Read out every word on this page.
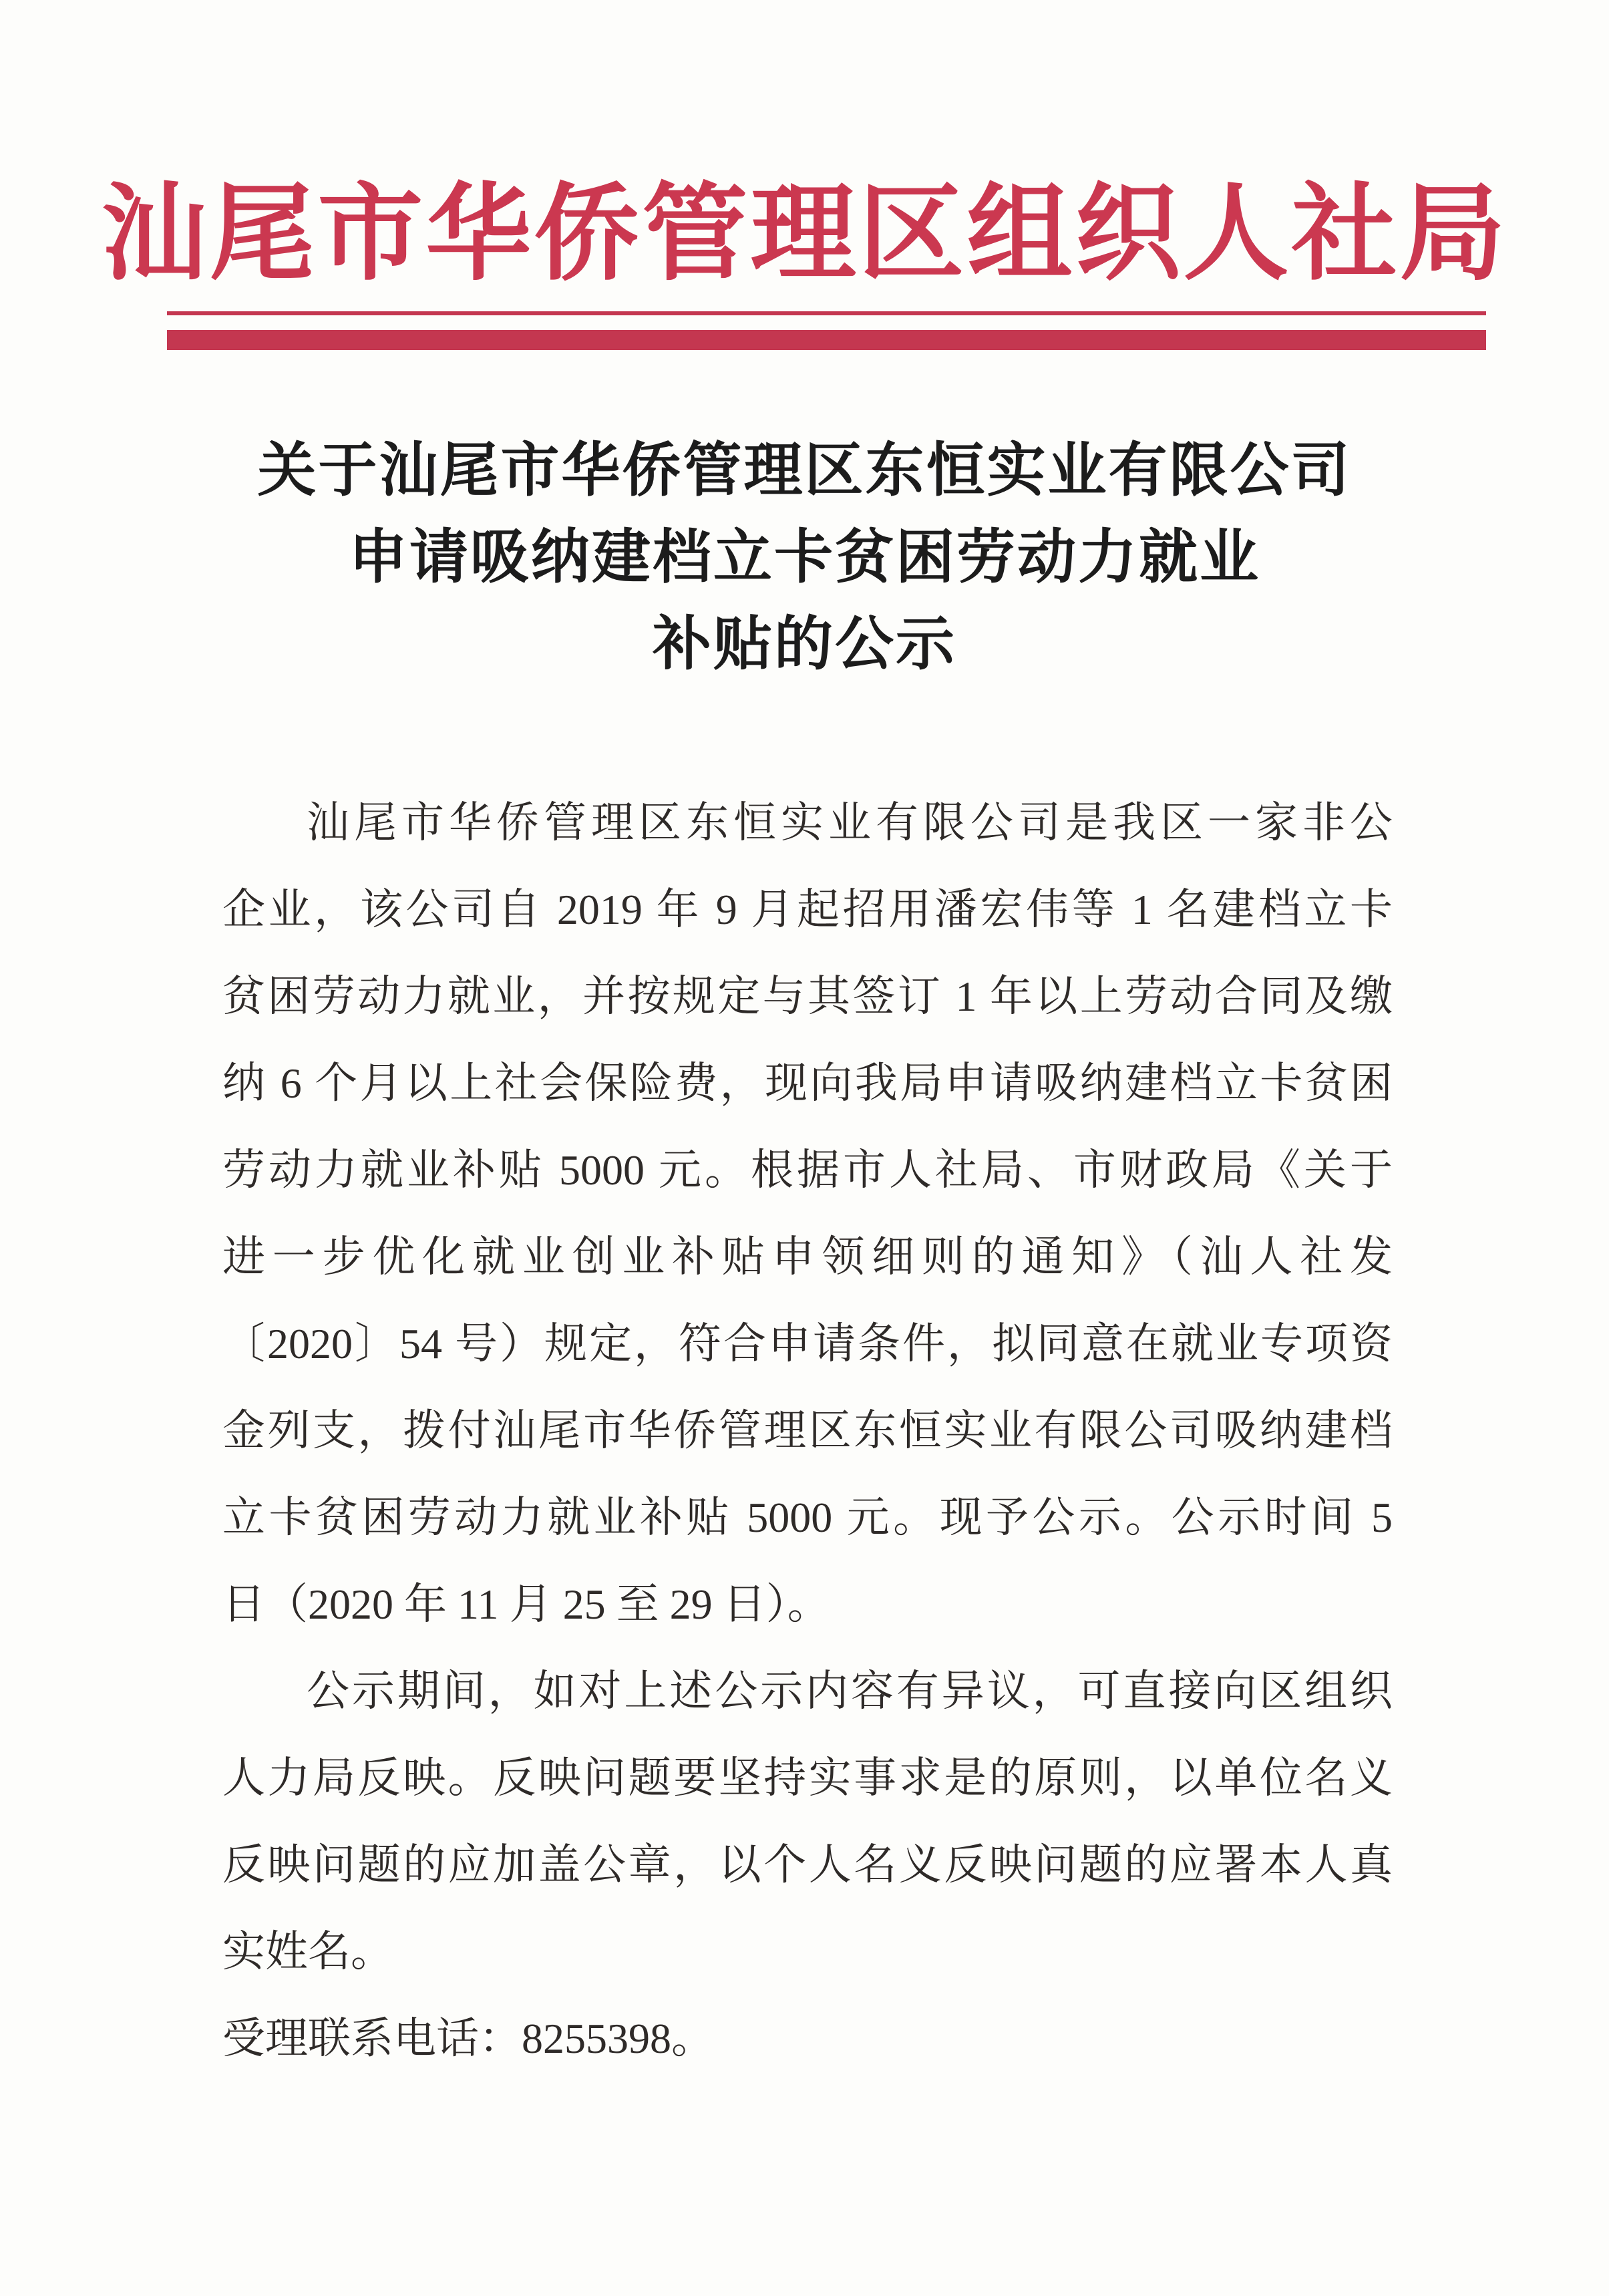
汕尾市华侨管理区组织人社局
关于汕尾市华侨管理区东恒实业有限公司
申请吸纳建档立卡贫困劳动力就业
补贴的公示
汕尾市华侨管理区东恒实业有限公司是我区一家非公
企业，该公司自 2019 年 9 月起招用潘宏伟等 1 名建档立卡
贫困劳动力就业，并按规定与其签订 1 年以上劳动合同及缴
纳 6 个月以上社会保险费，现向我局申请吸纳建档立卡贫困
劳动力就业补贴 5000 元。根据市人社局、市财政局《关于
进一步优化就业创业补贴申领细则的通知》（汕人社发
〔2020〕54 号）规定，符合申请条件，拟同意在就业专项资
金列支，拨付汕尾市华侨管理区东恒实业有限公司吸纳建档
立卡贫困劳动力就业补贴 5000 元。现予公示。公示时间 5
日（2020 年 11 月 25 至 29 日）。
公示期间，如对上述公示内容有异议，可直接向区组织
人力局反映。反映问题要坚持实事求是的原则，以单位名义
反映问题的应加盖公章，以个人名义反映问题的应署本人真
实姓名。
受理联系电话：8255398。
